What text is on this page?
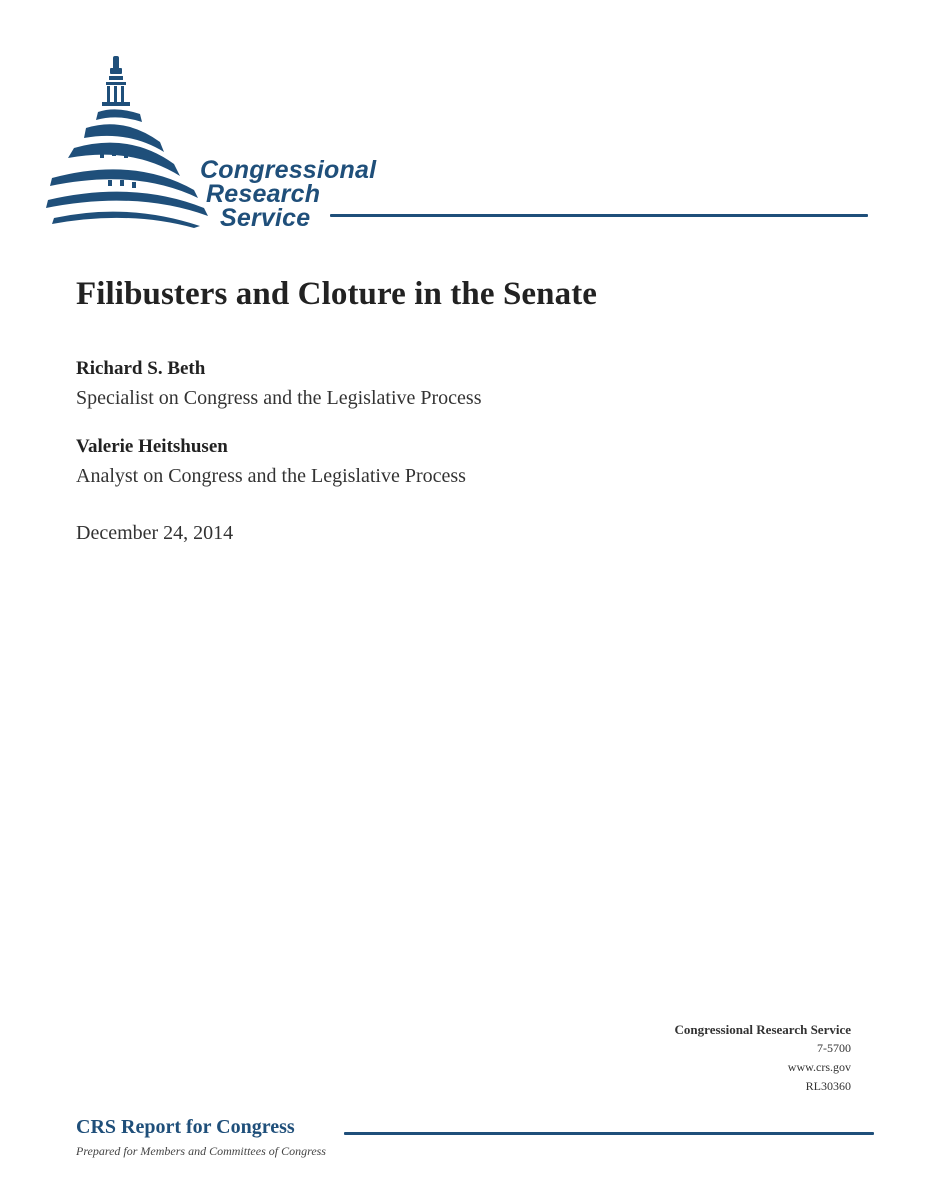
Congressional
Research
Service
Filibusters and Cloture in the Senate
Richard S. Beth
Specialist on Congress and the Legislative Process
Valerie Heitshusen
Analyst on Congress and the Legislative Process
December 24, 2014
Congressional Research Service
7-5700
www.crs.gov
RL30360
CRS Report for Congress
Prepared for Members and Committees of Congress
